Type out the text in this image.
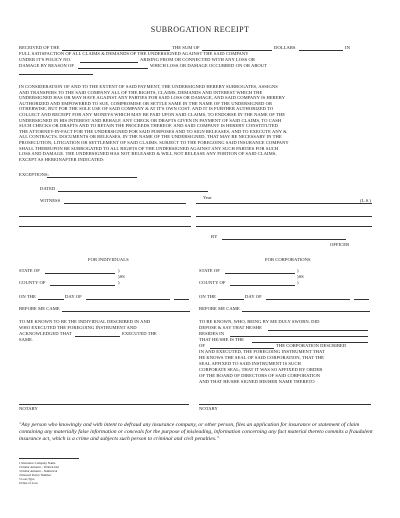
SUBROGATION RECEIPT
RECEIVED OF THE	THE SUM OF	DOLLARS	IN
FULL SATISFACTION OF ALL CLAIMS & DEMANDS OF THE UNDERSIGNED AGAINST THE SAID COMPANY
UNDER IT'S POLICY NO.	ARISING FROM OR CONNECTED WITH ANY LOSS OR
DAMAGE BY REASON OF	WHICH LOSS OR DAMAGE OCCURRED ON OR ABOUT
IN CONSIDERATION OF AND TO THE EXTENT OF SAID PAYMENT, THE UNDERSIGNED HEREBY SUBROGATES, ASSIGNS
AND TRANSFERS TO THE SAID COMPANY ALL OF THE RIGHTS, CLAIMS, DEMANDS AND INTEREST WHICH THE
UNDERSIGNED HAS OR MAY HAVE AGAINST ANY PARTIES FOR SAID LOSS OR DAMAGE, AND SAID COMPANY IS HEREBY
AUTHORIZED AND EMPOWERED TO SUE, COMPROMISE OR SETTLE SAME IN THE NAME OF THE UNDERSIGNED OR
OTHERWISE, BUT FOR THE SOLE USE OF SAID COMPANY & AT IT'S OWN COST. AND IT IS FURTHER AUTHORIZED TO
COLLECT AND RECEIPT FOR ANY MONEYS WHICH MAY BE PAID UPON SAID CLAIMS, TO ENDORSE IN THE NAME OF THE
UNDERSIGNED IN HIS INTEREST AND BEHALF, ANY CHECK OR DRAFTS GIVEN IN PAYMENT OF SAID CLAIMS, TO CASH
SUCH CHECKS OR DRAFTS AND TO RETAIN THE PROCEEDS THEREOF. AND SAID COMPANY IS HEREBY CONSTITUTED
THE ATTORNEY-IN-FACT FOR THE UNDERSIGNED FOR SAID PURPOSES AND TO SIGN RELEASES, AND TO EXECUTE ANY &
ALL CONTRACTS, DOCUMENTS OR RELEASES, IN THE NAME OF THE UNDERSIGNED, THAT MAY BE NECESSARY IN THE
PROSECUTION, LITIGATION OR SETTLEMENT OF SAID CLAIMS. SUBJECT TO THE FOREGOING SAID INSURANCE COMPANY
SHALL THEREUPON BE SUBROGATED TO ALL RIGHTS OF THE UNDERSIGNED AGAINST ANY SUCH PARTIES FOR SUCH
LOSS AND DAMAGE. THE UNDERSIGNED HAS NOT RELEASED & WILL NOT RELEASE ANY PORTION OF SAID CLAIMS,
EXCEPT AS HEREINAFTER INDICATED:
EXCEPTIONS:
DATED
Year
WITNESS	(L.S.)
BY
OFFICER
FOR INDIVIDUALS
STATE OF	)
)SS
COUNTY OF	)
ON THE	DAY OF
BEFORE ME CAME
TO ME KNOWN TO BE THE INDIVIDUAL DESCRIBED IN AND
WHO EXECUTED THE FOREGOING INSTRUMENT AND
ACKNOWLEDGED THAT	EXECUTED THE
SAME.
NOTARY
FOR CORPORATIONS
STATE OF	)
)SS
COUNTY OF	)
ON THE	DAY OF
BEFORE ME CAME
TO BE KNOWN, WHO, BEING BY ME DULY SWORN, DID
DEPOSE & SAY THAT HE/SHE
RESIDES IN
THAT HE/SHE IS THE
OF	THE CORPORATION DESCRIBED
IN AND EXECUTED, THE FOREGOING INSTRUMENT THAT
HE KNOWS THE SEAL OF SAID CORPORATION, THAT THE
SEAL AFFIXED TO SAID INSTRUMENT IS SUCH
CORPORATE SEAL; THAT IT WAS SO AFFIXED BY ORDER
OF THE BOARD OF DIRECTORS OF SAID CORPORATION
AND THAT HE/SHE SIGNED HIS/HER NAME THERETO
NOTARY
"Any person who knowingly and with intent to defraud any insurance company, or other person, files an application for insurance or statement of claim containing any materially false information or conceals for the purpose of misleading, information concerning any fact material thereto commits a fraudulent insurance act, which is a crime and subjects such person to criminal and civil penalties."
1 Insurance Company Name
2 Dollar Amount – Written Out
3 Dollar Amount – Numerical
4 Insured Policy Number
5 Loss Type
6 Date of Loss
